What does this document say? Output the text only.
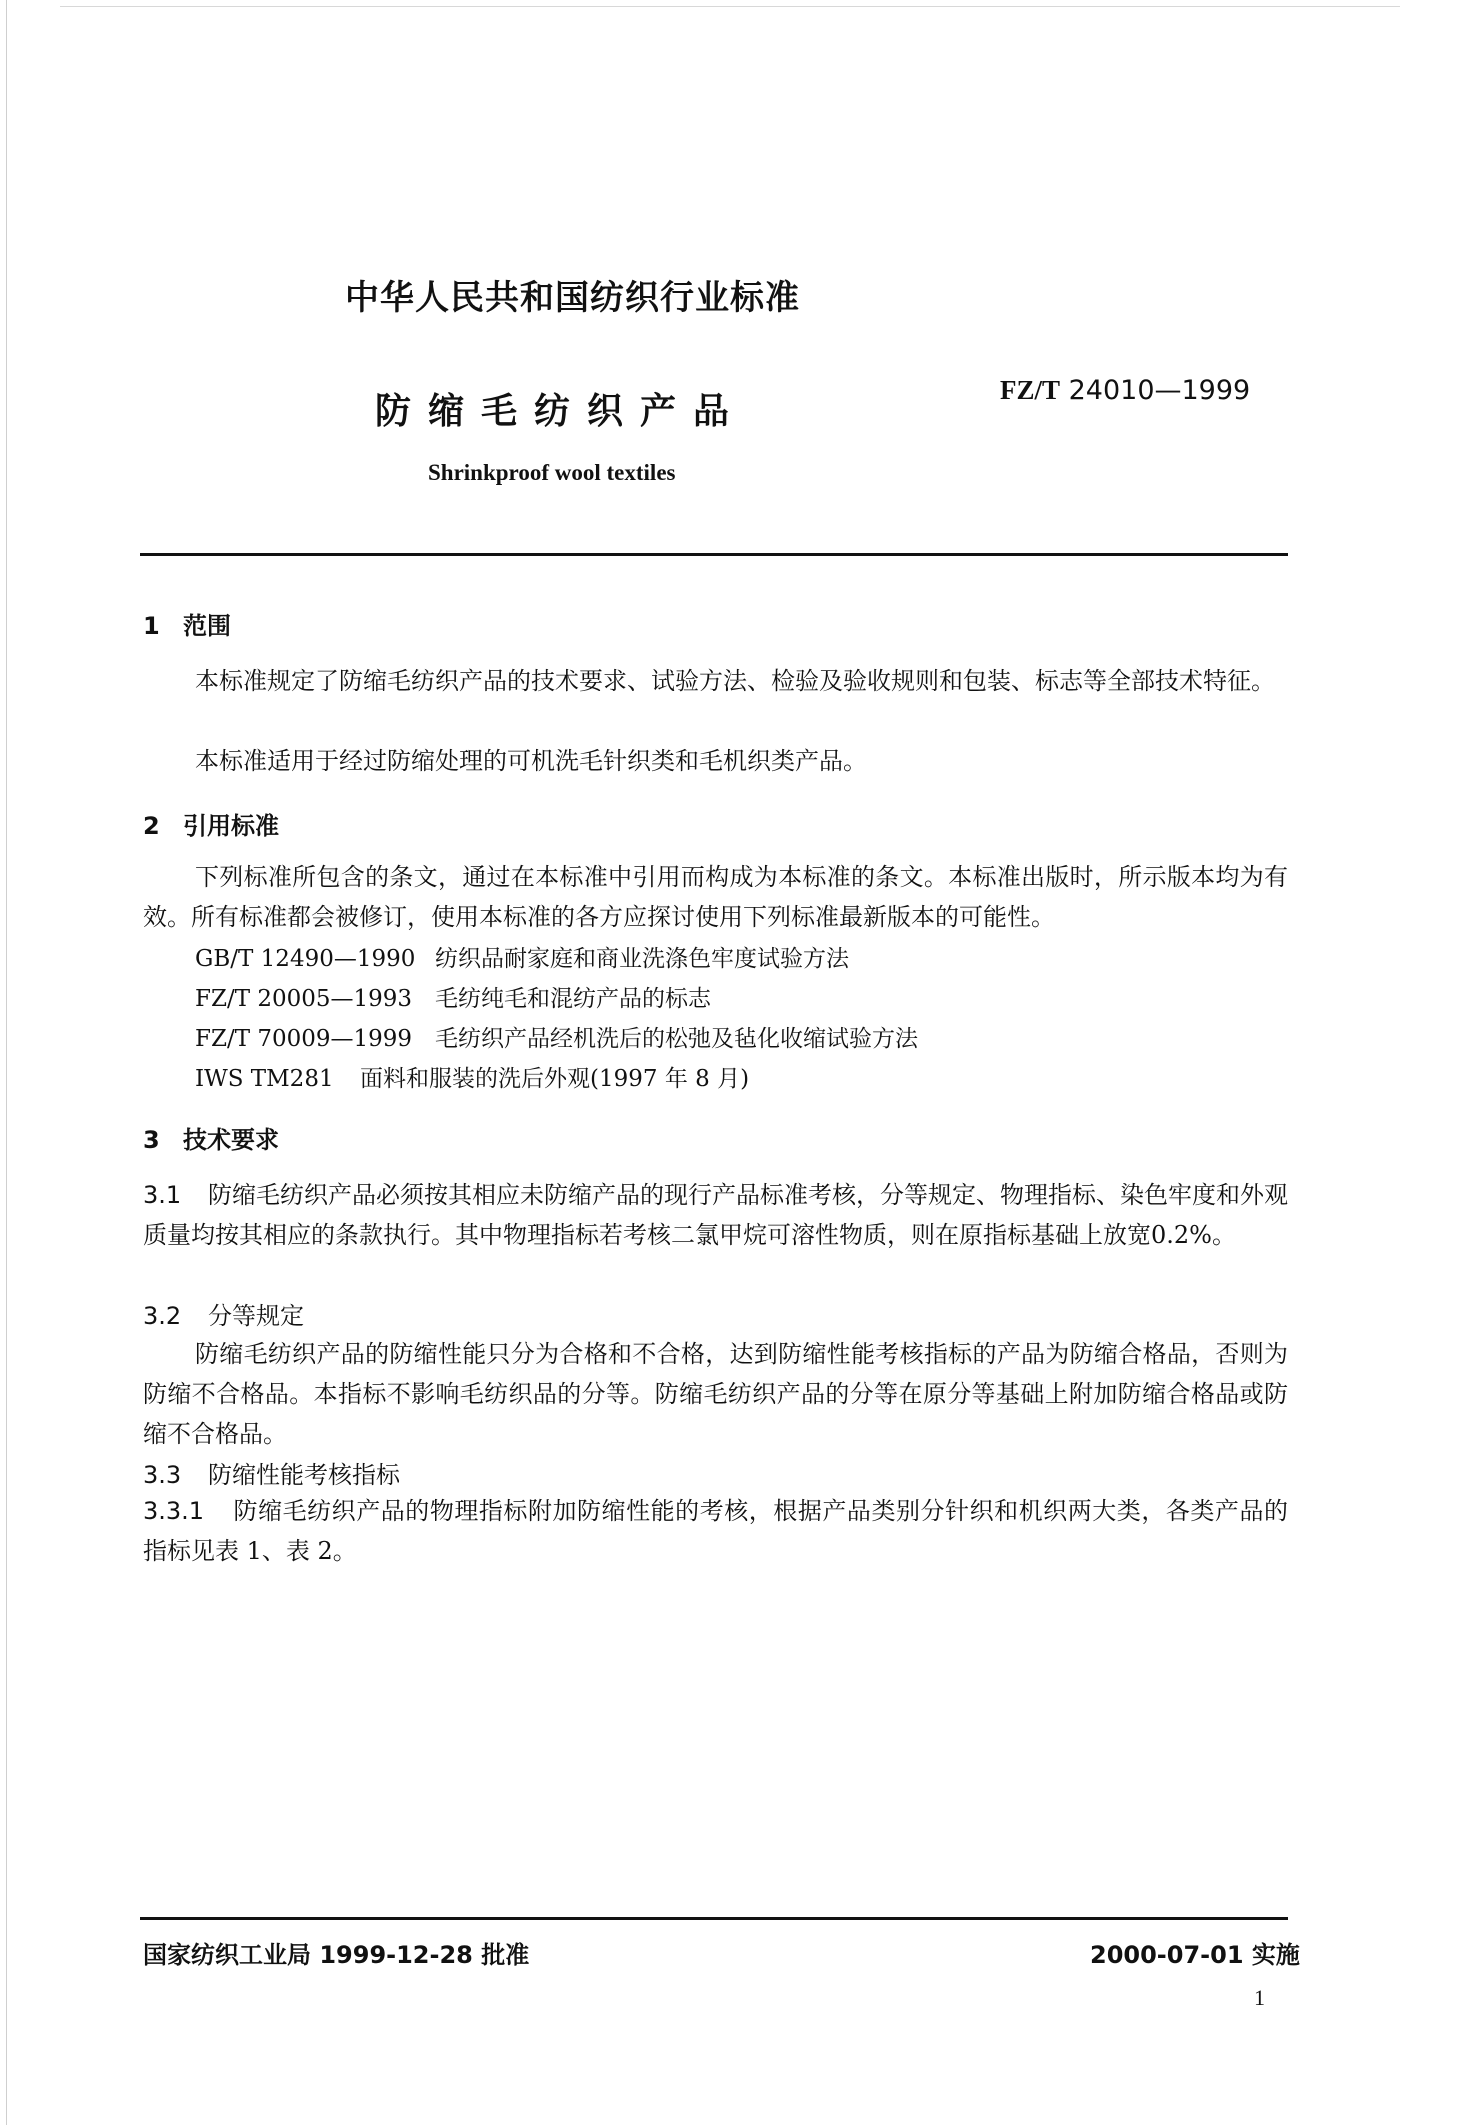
中华人民共和国纺织行业标准
防缩毛纺织产品
FZ/T 24010—1999
Shrinkproof wool textiles
1 范围
本标准规定了防缩毛纺织产品的技术要求、试验方法、检验及验收规则和包装、标志等全部技术特征。
本标准适用于经过防缩处理的可机洗毛针织类和毛机织类产品。
2 引用标准
下列标准所包含的条文，通过在本标准中引用而构成为本标准的条文。本标准出版时，所示版本均为有效。所有标准都会被修订，使用本标准的各方应探讨使用下列标准最新版本的可能性。
GB/T 12490—1990 纺织品耐家庭和商业洗涤色牢度试验方法
FZ/T 20005—1993 毛纺纯毛和混纺产品的标志
FZ/T 70009—1999 毛纺织产品经机洗后的松弛及毡化收缩试验方法
IWS TM281 面料和服装的洗后外观(1997 年 8 月)
3 技术要求
3.1 防缩毛纺织产品必须按其相应未防缩产品的现行产品标准考核，分等规定、物理指标、染色牢度和外观质量均按其相应的条款执行。其中物理指标若考核二氯甲烷可溶性物质，则在原指标基础上放宽0.2%。
3.2 分等规定
防缩毛纺织产品的防缩性能只分为合格和不合格，达到防缩性能考核指标的产品为防缩合格品，否则为防缩不合格品。本指标不影响毛纺织品的分等。防缩毛纺织产品的分等在原分等基础上附加防缩合格品或防缩不合格品。
3.3 防缩性能考核指标
3.3.1 防缩毛纺织产品的物理指标附加防缩性能的考核，根据产品类别分针织和机织两大类，各类产品的指标见表 1、表 2。
国家纺织工业局 1999-12-28 批准	2000-07-01 实施
1
